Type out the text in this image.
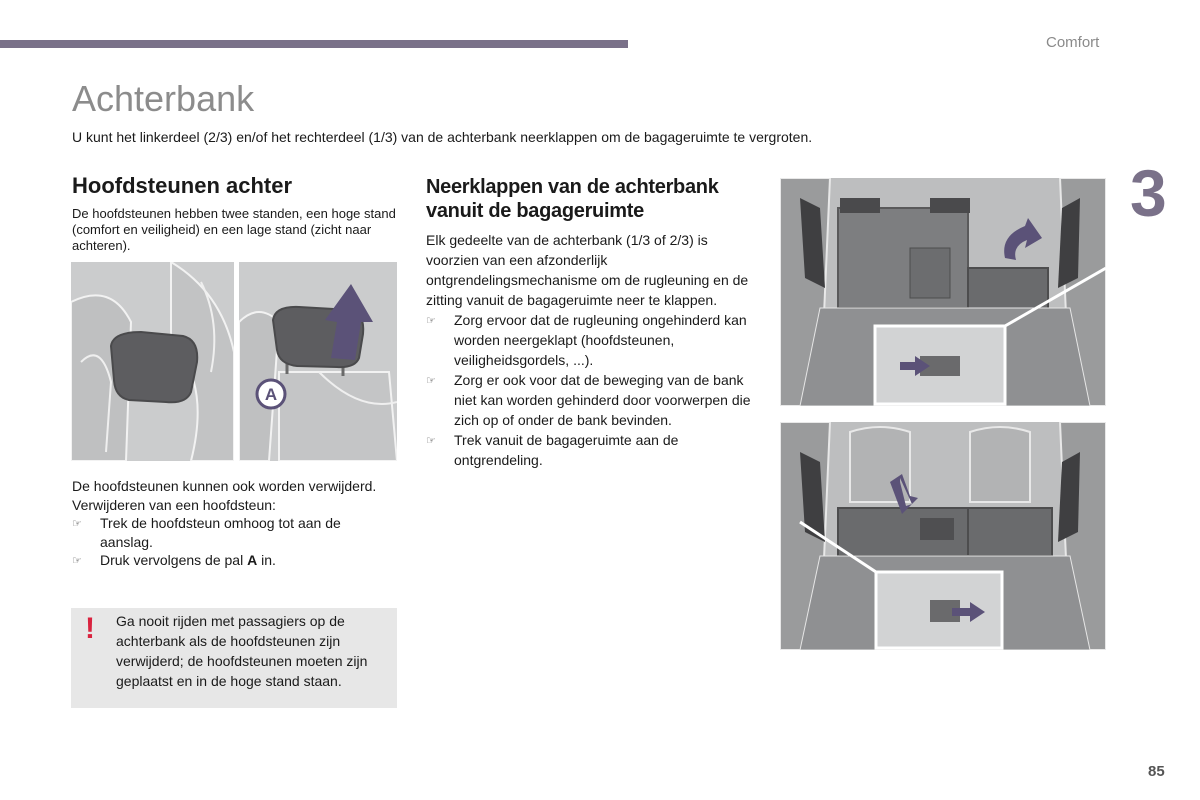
Comfort
3
Achterbank
U kunt het linkerdeel (2/3) en/of het rechterdeel (1/3) van de achterbank neerklappen om de bagageruimte te vergroten.
Hoofdsteunen achter
De hoofdsteunen hebben twee standen, een hoge stand (comfort en veiligheid) en een lage stand (zicht naar achteren).
A
De hoofdsteunen kunnen ook worden verwijderd.
Verwijderen van een hoofdsteun:
☞	Trek de hoofdsteun omhoog tot aan de aanslag.
☞	Druk vervolgens de pal A in.
! Ga nooit rijden met passagiers op de achterbank als de hoofdsteunen zijn verwijderd; de hoofdsteunen moeten zijn geplaatst en in de hoge stand staan.
Neerklappen van de achterbank vanuit de bagageruimte
Elk gedeelte van de achterbank (1/3 of 2/3) is voorzien van een afzonderlijk ontgrendelingsmechanisme om de rugleuning en de zitting vanuit de bagageruimte neer te klappen.
☞	Zorg ervoor dat de rugleuning ongehinderd kan worden neergeklapt (hoofdsteunen, veiligheidsgordels, ...).
☞	Zorg er ook voor dat de beweging van de bank niet kan worden gehinderd door voorwerpen die zich op of onder de bank bevinden.
☞	Trek vanuit de bagageruimte aan de ontgrendeling.
85
